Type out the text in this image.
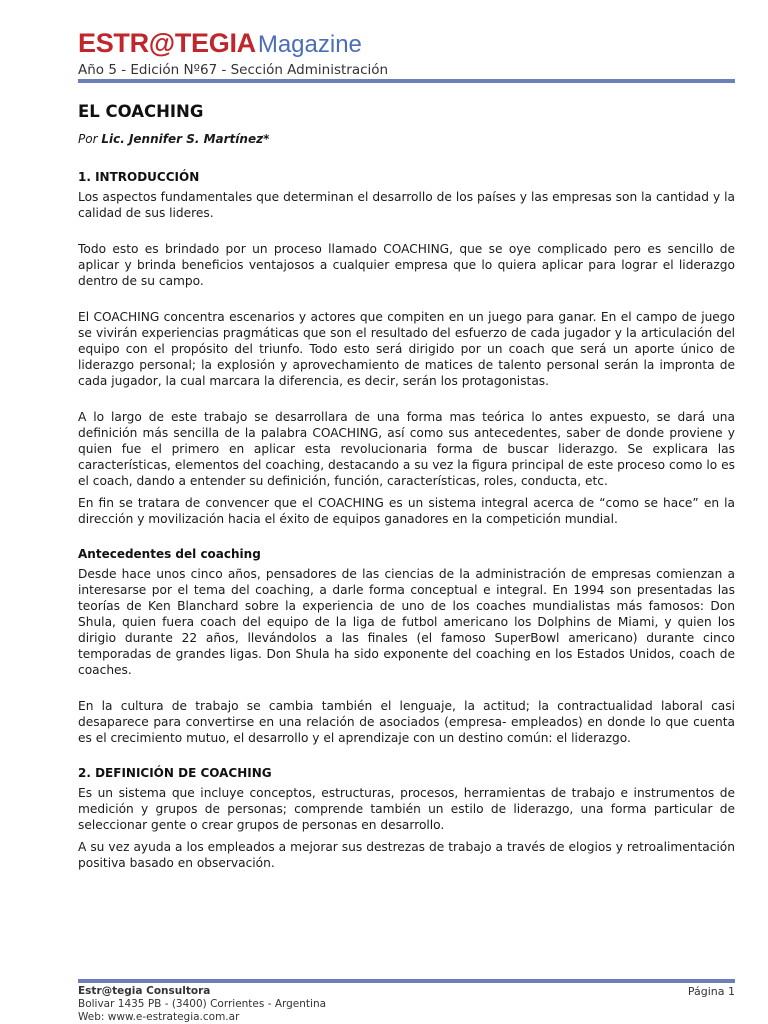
ESTR@TEGIAMagazine
Año 5 - Edición Nº67 - Sección Administración
EL COACHING
Por Lic. Jennifer S. Martínez*
1. INTRODUCCIÓN

Los aspectos fundamentales que determinan el desarrollo de los países y las empresas son la cantidad y la calidad de sus lideres.

Todo esto es brindado por un proceso llamado COACHING, que se oye complicado pero es sencillo de aplicar y brinda beneficios ventajosos a cualquier empresa que lo quiera aplicar para lograr el liderazgo dentro de su campo.

El COACHING concentra escenarios y actores que compiten en un juego para ganar. En el campo de juego se vivirán experiencias pragmáticas que son el resultado del esfuerzo de cada jugador y la articulación del equipo con el propósito del triunfo. Todo esto será dirigido por un coach que será un aporte único de liderazgo personal; la explosión y aprovechamiento de matices de talento personal serán la impronta de cada jugador, la cual marcara la diferencia, es decir, serán los protagonistas.

A lo largo de este trabajo se desarrollara de una forma mas teórica lo antes expuesto, se dará una definición más sencilla de la palabra COACHING, así como sus antecedentes, saber de donde proviene y quien fue el primero en aplicar esta revolucionaria forma de buscar liderazgo. Se explicara las características, elementos del coaching, destacando a su vez la figura principal de este proceso como lo es el coach, dando a entender su definición, función, características, roles, conducta, etc.

En fin se tratara de convencer que el COACHING es un sistema integral acerca de “como se hace” en la dirección y movilización hacia el éxito de equipos ganadores en la competición mundial.

Antecedentes del coaching

Desde hace unos cinco años, pensadores de las ciencias de la administración de empresas comienzan a interesarse por el tema del coaching, a darle forma conceptual e integral. En 1994 son presentadas las teorías de Ken Blanchard sobre la experiencia de uno de los coaches mundialistas más famosos: Don Shula, quien fuera coach del equipo de la liga de futbol americano los Dolphins de Miami, y quien los dirigio durante 22 años, llevándolos a las finales (el famoso SuperBowl americano) durante cinco temporadas de grandes ligas. Don Shula ha sido exponente del coaching en los Estados Unidos, coach de coaches.

En la cultura de trabajo se cambia también el lenguaje, la actitud; la contractualidad laboral casi desaparece para convertirse en una relación de asociados (empresa- empleados) en donde lo que cuenta es el crecimiento mutuo, el desarrollo y el aprendizaje con un destino común: el liderazgo.

2. DEFINICIÓN DE COACHING

Es un sistema que incluye conceptos, estructuras, procesos, herramientas de trabajo e instrumentos de medición y grupos de personas; comprende también un estilo de liderazgo, una forma particular de seleccionar gente o crear grupos de personas en desarrollo.

A su vez ayuda a los empleados a mejorar sus destrezas de trabajo a través de elogios y retroalimentación positiva basado en observación.

Estr@tegia Consultora
Bolivar 1435 PB - (3400) Corrientes - Argentina
Web: www.e-estrategia.com.ar
Página 1
